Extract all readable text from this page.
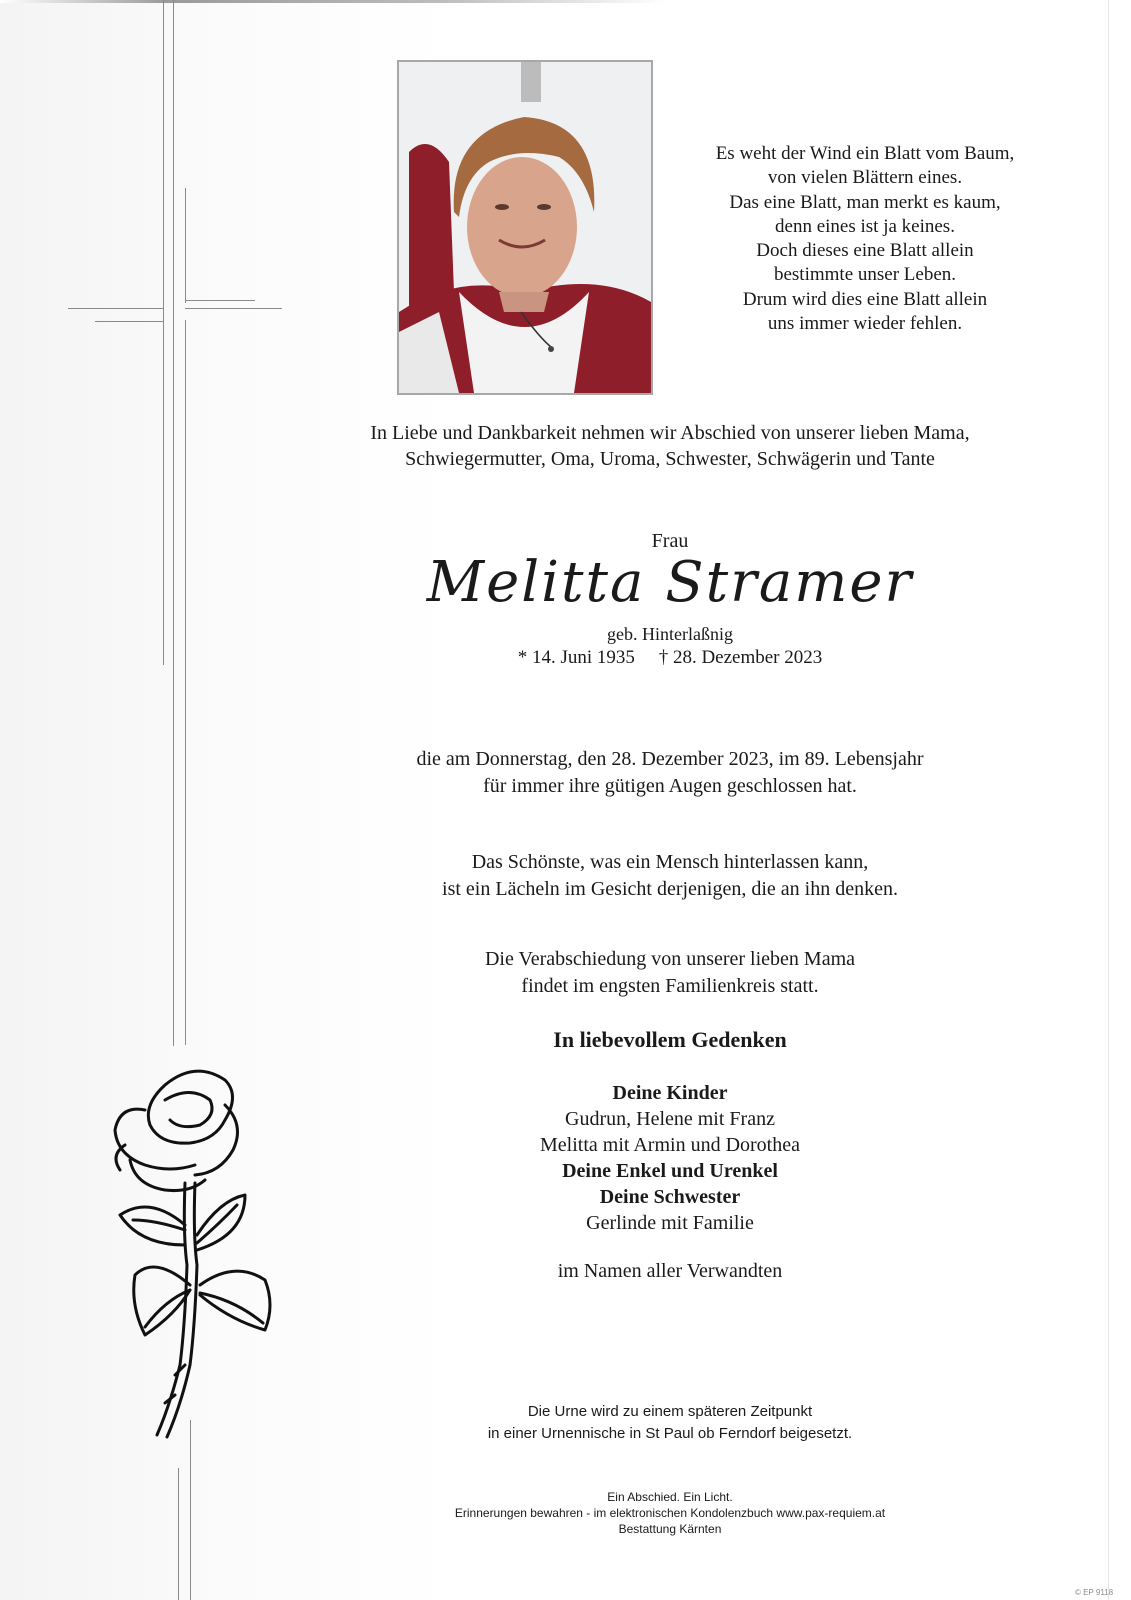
Es weht der Wind ein Blatt vom Baum,
von vielen Blättern eines.
Das eine Blatt, man merkt es kaum,
denn eines ist ja keines.
Doch dieses eine Blatt allein
bestimmte unser Leben.
Drum wird dies eine Blatt allein
uns immer wieder fehlen.
In Liebe und Dankbarkeit nehmen wir Abschied von unserer lieben Mama,
Schwiegermutter, Oma, Uroma, Schwester, Schwägerin und Tante
Frau
Melitta Stramer
geb. Hinterlaßnig
* 14. Juni 1935 † 28. Dezember 2023
die am Donnerstag, den 28. Dezember 2023, im 89. Lebensjahr
für immer ihre gütigen Augen geschlossen hat.
Das Schönste, was ein Mensch hinterlassen kann,
ist ein Lächeln im Gesicht derjenigen, die an ihn denken.
Die Verabschiedung von unserer lieben Mama
findet im engsten Familienkreis statt.
In liebevollem Gedenken
Deine Kinder
Gudrun, Helene mit Franz
Melitta mit Armin und Dorothea
Deine Enkel und Urenkel
Deine Schwester
Gerlinde mit Familie
im Namen aller Verwandten
Die Urne wird zu einem späteren Zeitpunkt
in einer Urnennische in St Paul ob Ferndorf beigesetzt.
Ein Abschied. Ein Licht.
Erinnerungen bewahren - im elektronischen Kondolenzbuch www.pax-requiem.at
Bestattung Kärnten
© EP 9118
